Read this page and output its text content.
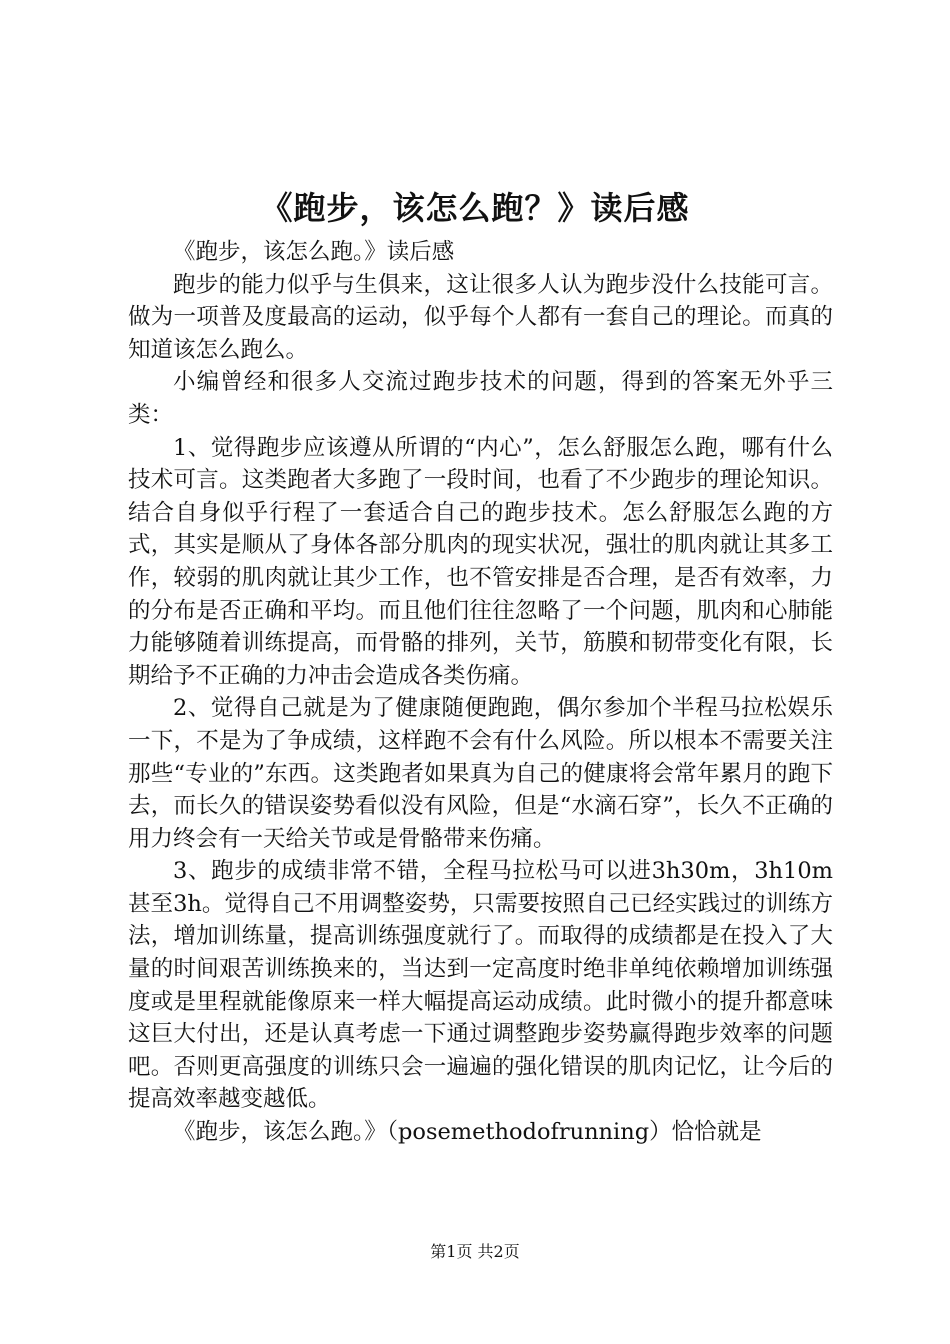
《跑步，该怎么跑？》读后感

《跑步，该怎么跑。》读后感

跑步的能力似乎与生俱来，这让很多人认为跑步没什么技能可言。做为一项普及度最高的运动，似乎每个人都有一套自己的理论。而真的知道该怎么跑么。

小编曾经和很多人交流过跑步技术的问题，得到的答案无外乎三类：

1、觉得跑步应该遵从所谓的“内心”，怎么舒服怎么跑，哪有什么技术可言。这类跑者大多跑了一段时间，也看了不少跑步的理论知识。结合自身似乎行程了一套适合自己的跑步技术。怎么舒服怎么跑的方式，其实是顺从了身体各部分肌肉的现实状况，强壮的肌肉就让其多工作，较弱的肌肉就让其少工作，也不管安排是否合理，是否有效率，力的分布是否正确和平均。而且他们往往忽略了一个问题，肌肉和心肺能力能够随着训练提高，而骨骼的排列，关节，筋膜和韧带变化有限，长期给予不正确的力冲击会造成各类伤痛。

2、觉得自己就是为了健康随便跑跑，偶尔参加个半程马拉松娱乐一下，不是为了争成绩，这样跑不会有什么风险。所以根本不需要关注那些“专业的”东西。这类跑者如果真为自己的健康将会常年累月的跑下去，而长久的错误姿势看似没有风险，但是“水滴石穿”，长久不正确的用力终会有一天给关节或是骨骼带来伤痛。

3、跑步的成绩非常不错，全程马拉松马可以进3h30m，3h10m甚至3h。觉得自己不用调整姿势，只需要按照自己已经实践过的训练方法，增加训练量，提高训练强度就行了。而取得的成绩都是在投入了大量的时间艰苦训练换来的，当达到一定高度时绝非单纯依赖增加训练强度或是里程就能像原来一样大幅提高运动成绩。此时微小的提升都意味这巨大付出，还是认真考虑一下通过调整跑步姿势赢得跑步效率的问题吧。否则更高强度的训练只会一遍遍的强化错误的肌肉记忆，让今后的提高效率越变越低。

《跑步，该怎么跑。》（posemethodofrunning）恰恰就是

第1页 共2页
